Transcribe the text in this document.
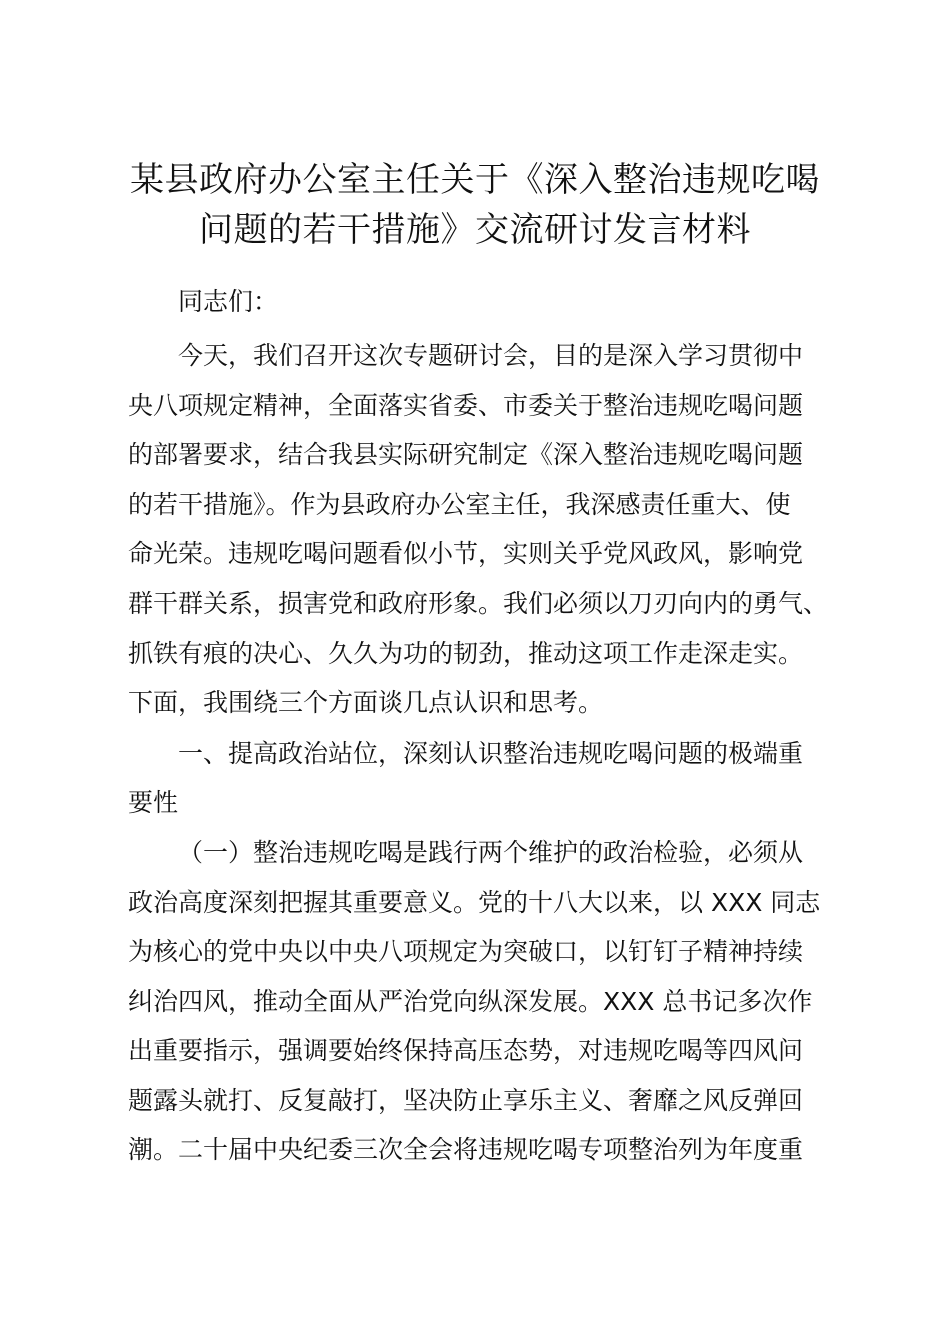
某县政府办公室主任关于《深入整治违规吃喝
问题的若干措施》交流研讨发言材料
同志们：
今天，我们召开这次专题研讨会，目的是深入学习贯彻中
央八项规定精神，全面落实省委、市委关于整治违规吃喝问题
的部署要求，结合我县实际研究制定《深入整治违规吃喝问题
的若干措施》。作为县政府办公室主任，我深感责任重大、使
命光荣。违规吃喝问题看似小节，实则关乎党风政风，影响党
群干群关系，损害党和政府形象。我们必须以刀刃向内的勇气、
抓铁有痕的决心、久久为功的韧劲，推动这项工作走深走实。
下面，我围绕三个方面谈几点认识和思考。
一、提高政治站位，深刻认识整治违规吃喝问题的极端重
要性
（一）整治违规吃喝是践行两个维护的政治检验，必须从
政治高度深刻把握其重要意义。党的十八大以来，以 XXX 同志
为核心的党中央以中央八项规定为突破口，以钉钉子精神持续
纠治四风，推动全面从严治党向纵深发展。XXX 总书记多次作
出重要指示，强调要始终保持高压态势，对违规吃喝等四风问
题露头就打、反复敲打，坚决防止享乐主义、奢靡之风反弹回
潮。二十届中央纪委三次全会将违规吃喝专项整治列为年度重
